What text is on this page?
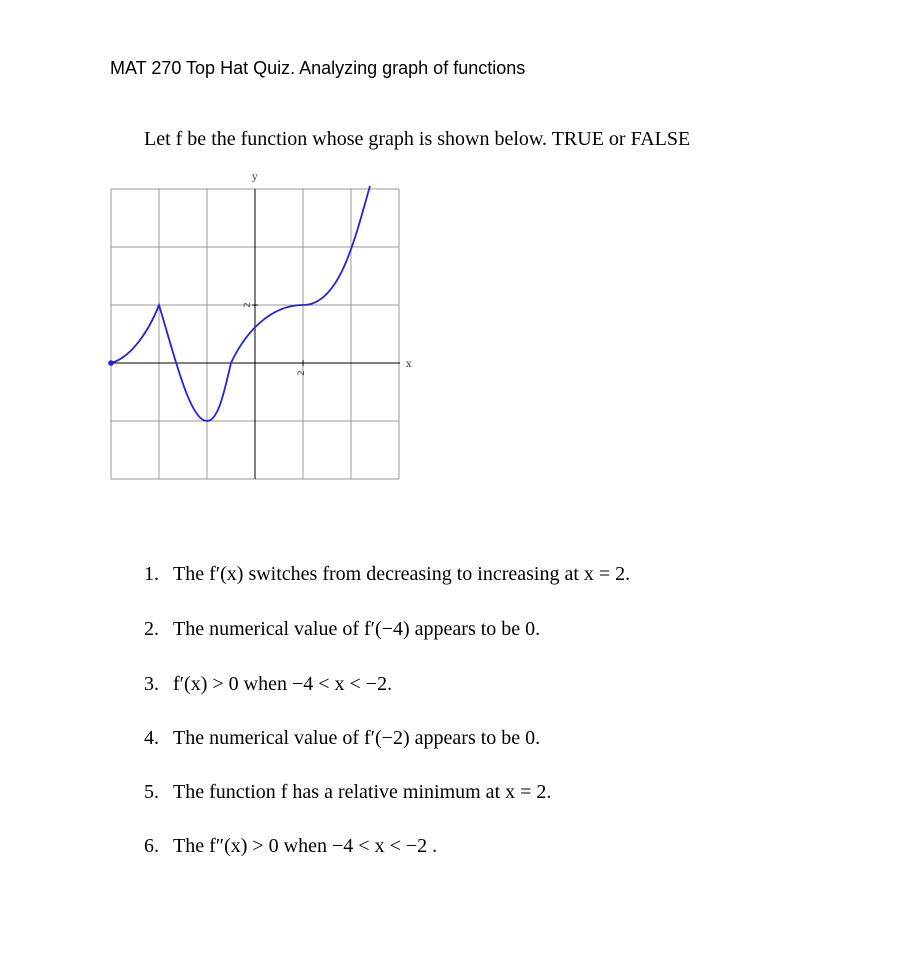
MAT 270 Top Hat Quiz. Analyzing graph of functions
Let f be the function whose graph is shown below. TRUE or FALSE
y
x
2
2
1. The f′(x) switches from decreasing to increasing at x = 2.
2. The numerical value of f′(−4) appears to be 0.
3. f′(x) > 0 when −4 < x < −2.
4. The numerical value of f′(−2) appears to be 0.
5. The function f has a relative minimum at x = 2.
6. The f″(x) > 0 when −4 < x < −2 .
